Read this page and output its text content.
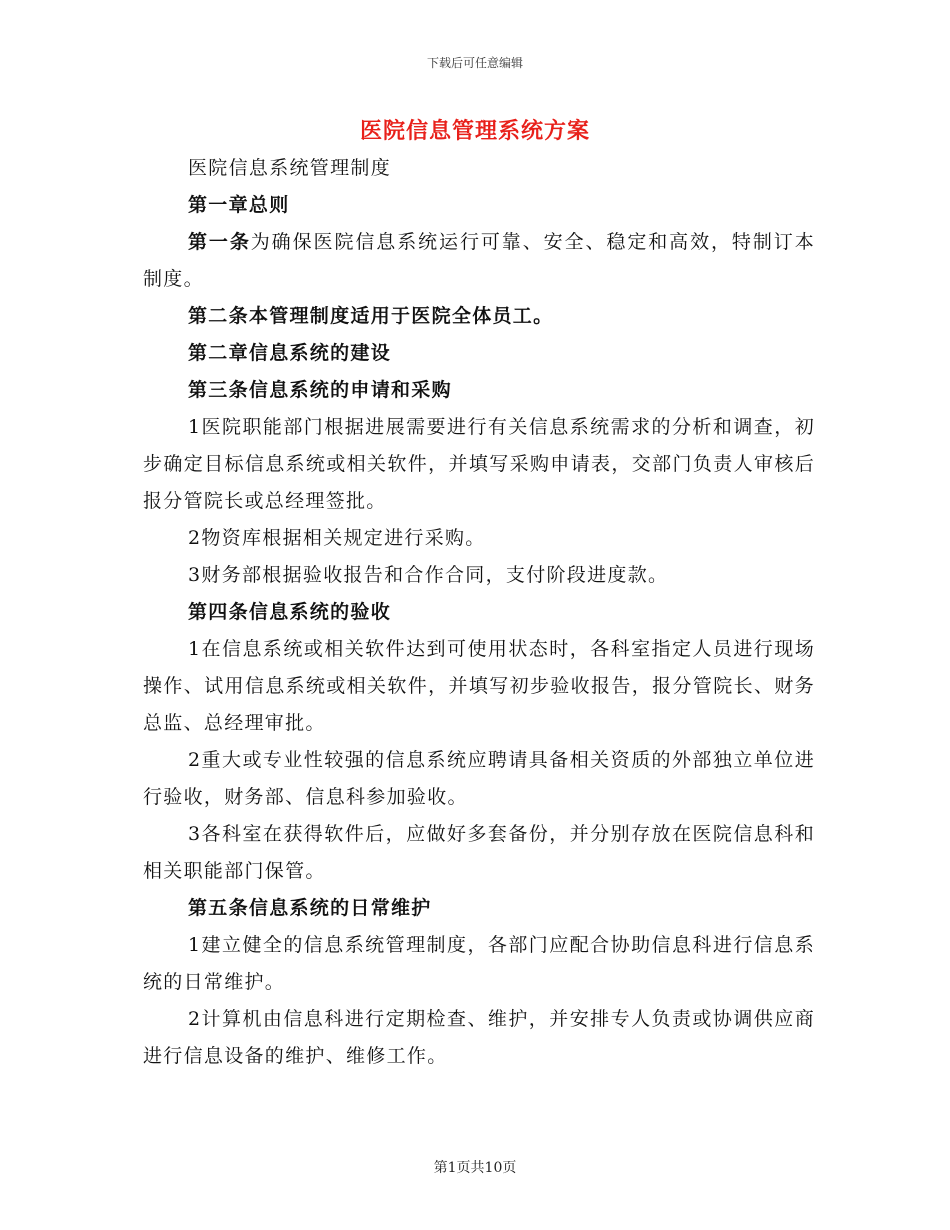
下载后可任意编辑
医院信息管理系统方案

医院信息系统管理制度

第一章总则

第一条为确保医院信息系统运行可靠、安全、稳定和高效，特制订本制度。

第二条本管理制度适用于医院全体员工。

第二章信息系统的建设

第三条信息系统的申请和采购

1医院职能部门根据进展需要进行有关信息系统需求的分析和调查，初步确定目标信息系统或相关软件，并填写采购申请表，交部门负责人审核后报分管院长或总经理签批。

2物资库根据相关规定进行采购。

3财务部根据验收报告和合作合同，支付阶段进度款。

第四条信息系统的验收

1在信息系统或相关软件达到可使用状态时，各科室指定人员进行现场操作、试用信息系统或相关软件，并填写初步验收报告，报分管院长、财务总监、总经理审批。

2重大或专业性较强的信息系统应聘请具备相关资质的外部独立单位进行验收，财务部、信息科参加验收。

3各科室在获得软件后，应做好多套备份，并分别存放在医院信息科和相关职能部门保管。

第五条信息系统的日常维护

1建立健全的信息系统管理制度，各部门应配合协助信息科进行信息系统的日常维护。

2计算机由信息科进行定期检查、维护，并安排专人负责或协调供应商进行信息设备的维护、维修工作。

第1页共10页
